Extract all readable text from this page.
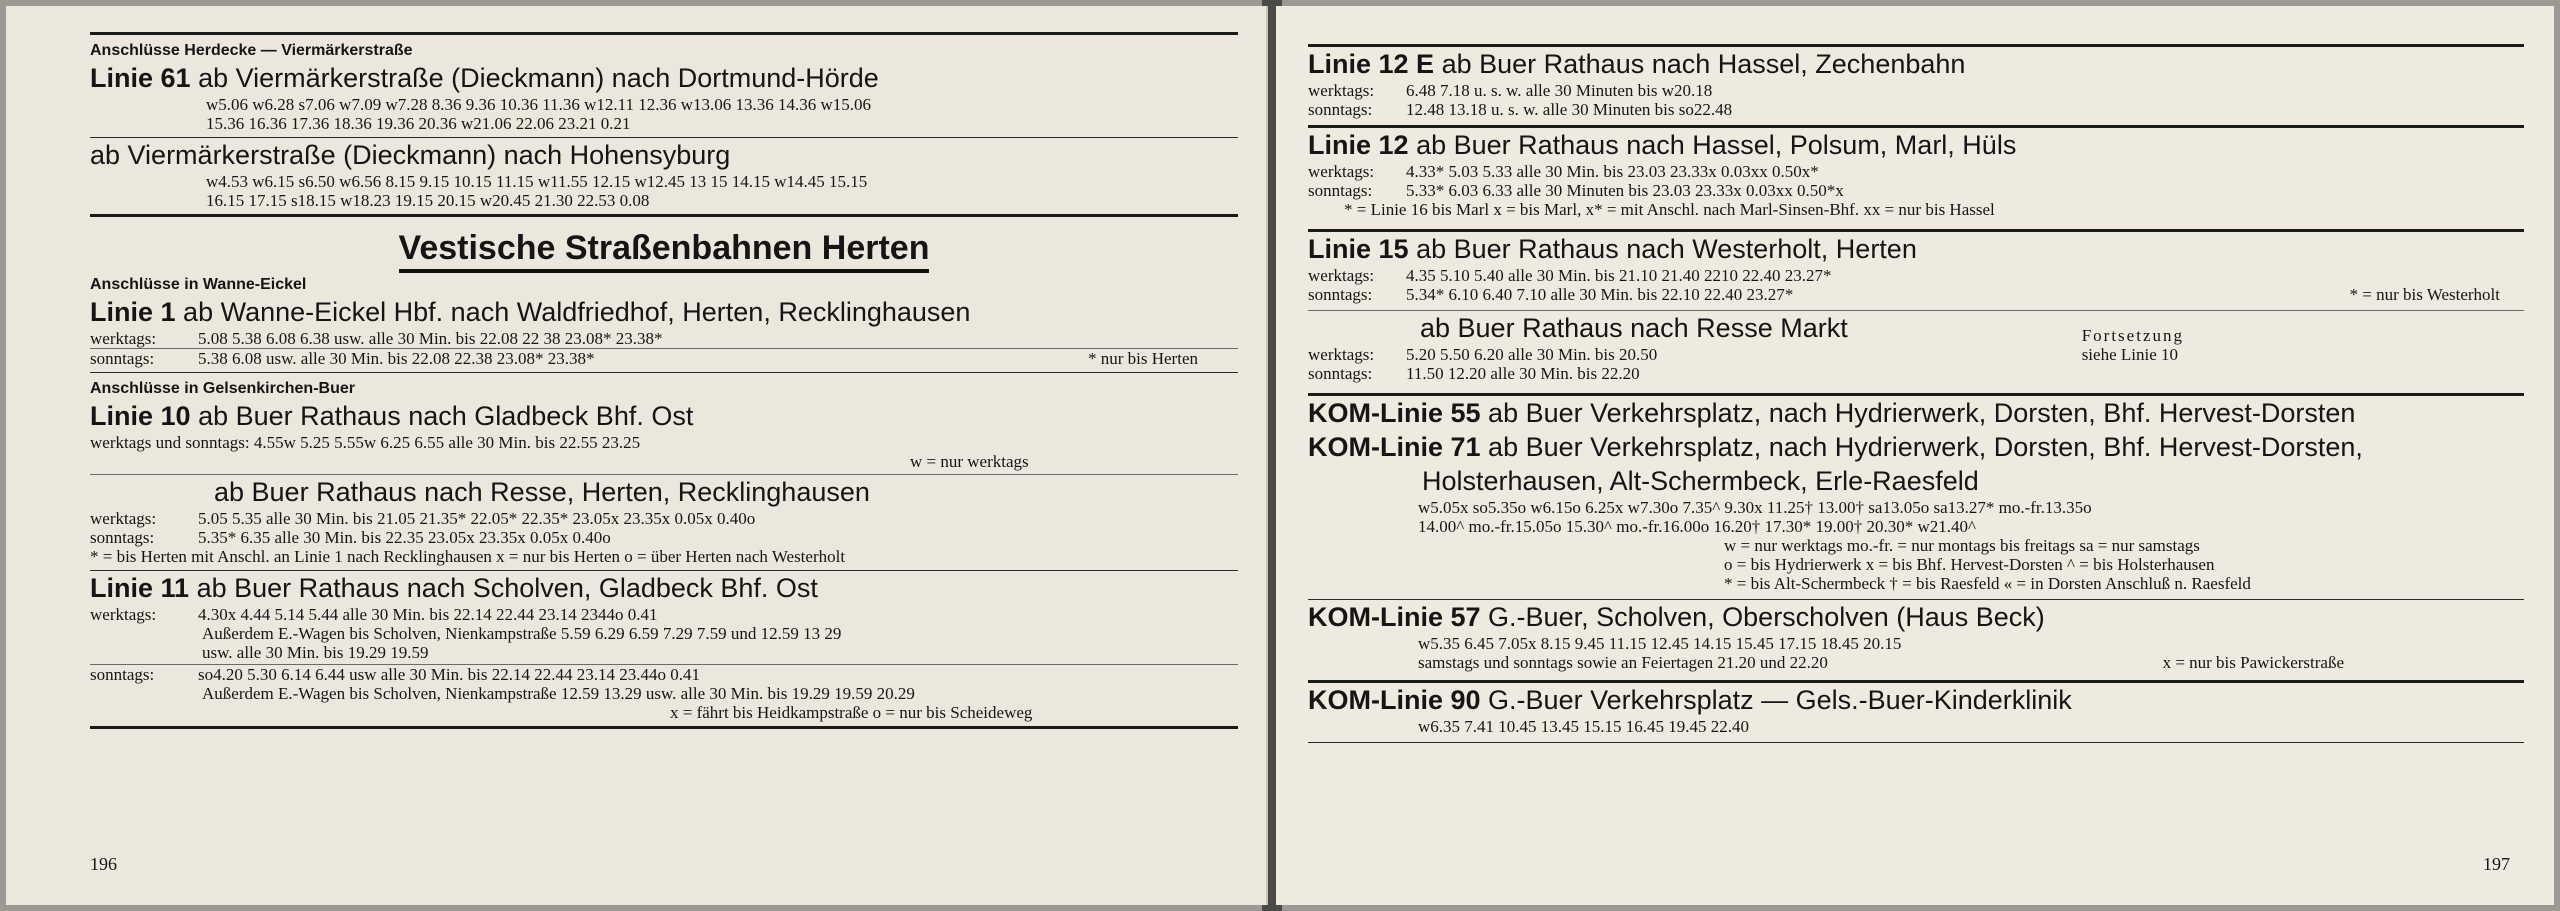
Anschlüsse Herdecke — Viermärkerstraße
Linie 61 ab Viermärkerstraße (Dieckmann) nach Dortmund-Hörde
w5.06 w6.28 s7.06 w7.09 w7.28 8.36 9.36 10.36 11.36 w12.11 12.36 w13.06 13.36 14.36 w15.06
15.36 16.36 17.36 18.36 19.36 20.36 w21.06 22.06 23.21 0.21
ab Viermärkerstraße (Dieckmann) nach Hohensyburg
w4.53 w6.15 s6.50 w6.56 8.15 9.15 10.15 11.15 w11.55 12.15 w12.45 13 15 14.15 w14.45 15.15
16.15 17.15 s18.15 w18.23 19.15 20.15 w20.45 21.30 22.53 0.08
Vestische Straßenbahnen Herten
Anschlüsse in Wanne-Eickel
Linie 1 ab Wanne-Eickel Hbf. nach Waldfriedhof, Herten, Recklinghausen
werktags: 5.08 5.38 6.08 6.38 usw. alle 30 Min. bis 22.08 22 38 23.08* 23.38*
sonntags:	5.38 6.08 usw. alle 30 Min. bis 22.08 22.38 23.08* 23.38*	* nur bis Herten
Anschlüsse in Gelsenkirchen-Buer
Linie 10 ab Buer Rathaus nach Gladbeck Bhf. Ost
werktags und sonntags: 4.55w 5.25 5.55w 6.25 6.55 alle 30 Min. bis 22.55 23.25
w = nur werktags
ab Buer Rathaus nach Resse, Herten, Recklinghausen
werktags: 5.05 5.35 alle 30 Min. bis 21.05 21.35* 22.05* 22.35* 23.05x 23.35x 0.05x 0.40o
sonntags:	5.35* 6.35 alle 30 Min. bis 22.35 23.05x 23.35x 0.05x 0.40o
* = bis Herten mit Anschl. an Linie 1 nach Recklinghausen x = nur bis Herten o = über Herten nach Westerholt
Linie 11 ab Buer Rathaus nach Scholven, Gladbeck Bhf. Ost
werktags: 4.30x 4.44 5.14 5.44 alle 30 Min. bis 22.14 22.44 23.14 2344o 0.41
Außerdem E.-Wagen bis Scholven, Nienkampstraße 5.59 6.29 6.59 7.29 7.59 und 12.59 13 29
usw. alle 30 Min. bis 19.29 19.59
sonntags:	so4.20 5.30 6.14 6.44 usw alle 30 Min. bis 22.14 22.44 23.14 23.44o 0.41
Außerdem E.-Wagen bis Scholven, Nienkampstraße 12.59 13.29 usw. alle 30 Min. bis 19.29 19.59 20.29
x = fährt bis Heidkampstraße o = nur bis Scheideweg
196
Linie 12 E ab Buer Rathaus nach Hassel, Zechenbahn
werktags: 6.48 7.18 u. s. w. alle 30 Minuten bis w20.18
sonntags: 12.48 13.18 u. s. w. alle 30 Minuten bis so22.48
Linie 12 ab Buer Rathaus nach Hassel, Polsum, Marl, Hüls
werktags: 4.33* 5.03 5.33 alle 30 Min. bis 23.03 23.33x 0.03xx 0.50x*
sonntags: 5.33* 6.03 6.33 alle 30 Minuten bis 23.03 23.33x 0.03xx 0.50*x
* = Linie 16 bis Marl x = bis Marl, x* = mit Anschl. nach Marl-Sinsen-Bhf. xx = nur bis Hassel
Linie 15 ab Buer Rathaus nach Westerholt, Herten
werktags: 4.35 5.10 5.40 alle 30 Min. bis 21.10 21.40 2210 22.40 23.27*
sonntags: 5.34* 6.10 6.40 7.10 alle 30 Min. bis 22.10 22.40 23.27*	* = nur bis Westerholt
ab Buer Rathaus nach Resse Markt	Fortsetzung
werktags: 5.20 5.50 6.20 alle 30 Min. bis 20.50	siehe Linie 10
sonntags: 11.50 12.20 alle 30 Min. bis 22.20
KOM-Linie 55 ab Buer Verkehrsplatz, nach Hydrierwerk, Dorsten, Bhf. Hervest-Dorsten
KOM-Linie 71 ab Buer Verkehrsplatz, nach Hydrierwerk, Dorsten, Bhf. Hervest-Dorsten,
Holsterhausen, Alt-Schermbeck, Erle-Raesfeld
w5.05x so5.35o w6.15o 6.25x w7.30o 7.35^ 9.30x 11.25† 13.00† sa13.05o sa13.27* mo.-fr.13.35o
14.00^ mo.-fr.15.05o 15.30^ mo.-fr.16.00o 16.20† 17.30* 19.00† 20.30* w21.40^
w = nur werktags mo.-fr. = nur montags bis freitags sa = nur samstags
o = bis Hydrierwerk x = bis Bhf. Hervest-Dorsten ^ = bis Holsterhausen
* = bis Alt-Schermbeck † = bis Raesfeld « = in Dorsten Anschluß n. Raesfeld
KOM-Linie 57 G.-Buer, Scholven, Oberscholven (Haus Beck)
w5.35 6.45 7.05x 8.15 9.45 11.15 12.45 14.15 15.45 17.15 18.45 20.15
samstags und sonntags sowie an Feiertagen 21.20 und 22.20	x = nur bis Pawickerstraße
KOM-Linie 90 G.-Buer Verkehrsplatz — Gels.-Buer-Kinderklinik
w6.35 7.41 10.45 13.45 15.15 16.45 19.45 22.40
197
